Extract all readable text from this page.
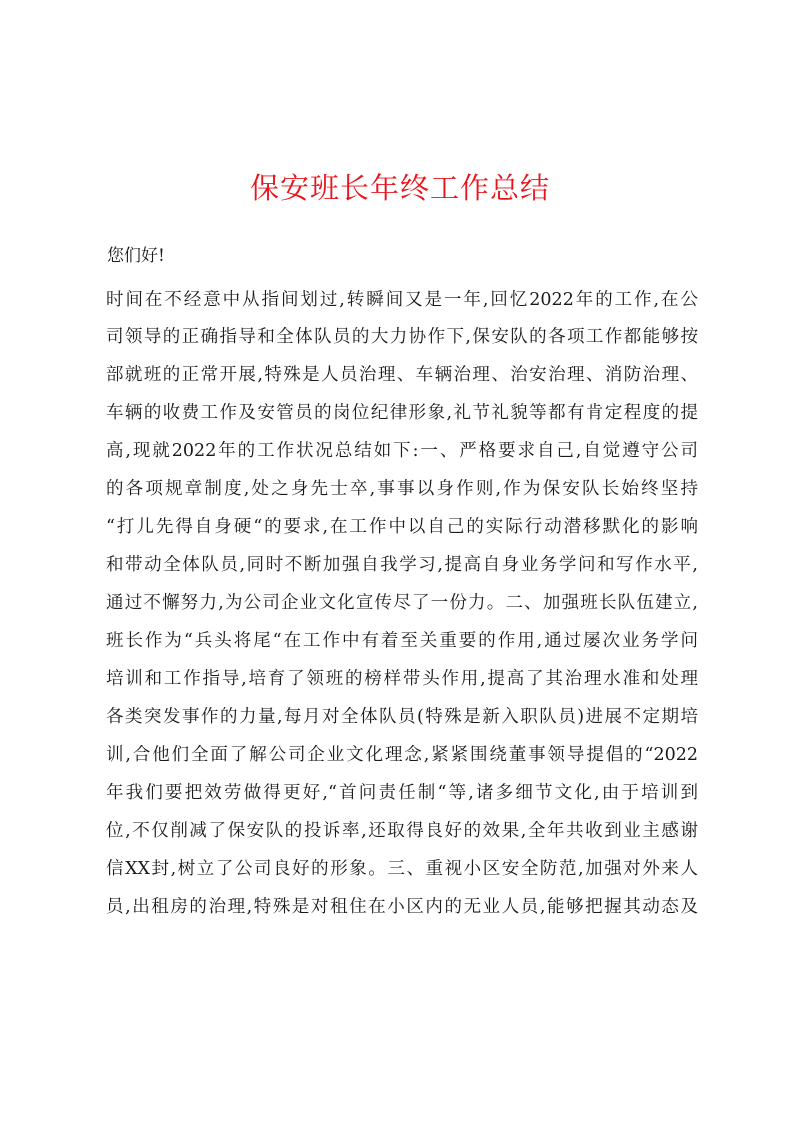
保安班长年终工作总结
您们好!
时间在不经意中从指间划过,转瞬间又是一年,回忆2022年的工作,在公
司领导的正确指导和全体队员的大力协作下,保安队的各项工作都能够按
部就班的正常开展,特殊是人员治理、车辆治理、治安治理、消防治理、
车辆的收费工作及安管员的岗位纪律形象,礼节礼貌等都有肯定程度的提
高,现就2022年的工作状况总结如下:一、严格要求自己,自觉遵守公司
的各项规章制度,处之身先士卒,事事以身作则,作为保安队长始终坚持
“打儿先得自身硬“的要求,在工作中以自己的实际行动潜移默化的影响
和带动全体队员,同时不断加强自我学习,提高自身业务学问和写作水平,
通过不懈努力,为公司企业文化宣传尽了一份力。二、加强班长队伍建立,
班长作为“兵头将尾“在工作中有着至关重要的作用,通过屡次业务学问
培训和工作指导,培育了领班的榜样带头作用,提高了其治理水准和处理
各类突发事作的力量,每月对全体队员(特殊是新入职队员)进展不定期培
训,合他们全面了解公司企业文化理念,紧紧围绕董事领导提倡的“2022
年我们要把效劳做得更好,“首问责任制“等,诸多细节文化,由于培训到
位,不仅削减了保安队的投诉率,还取得良好的效果,全年共收到业主感谢
信XX封,树立了公司良好的形象。三、重视小区安全防范,加强对外来人
员,出租房的治理,特殊是对租住在小区内的无业人员,能够把握其动态及
